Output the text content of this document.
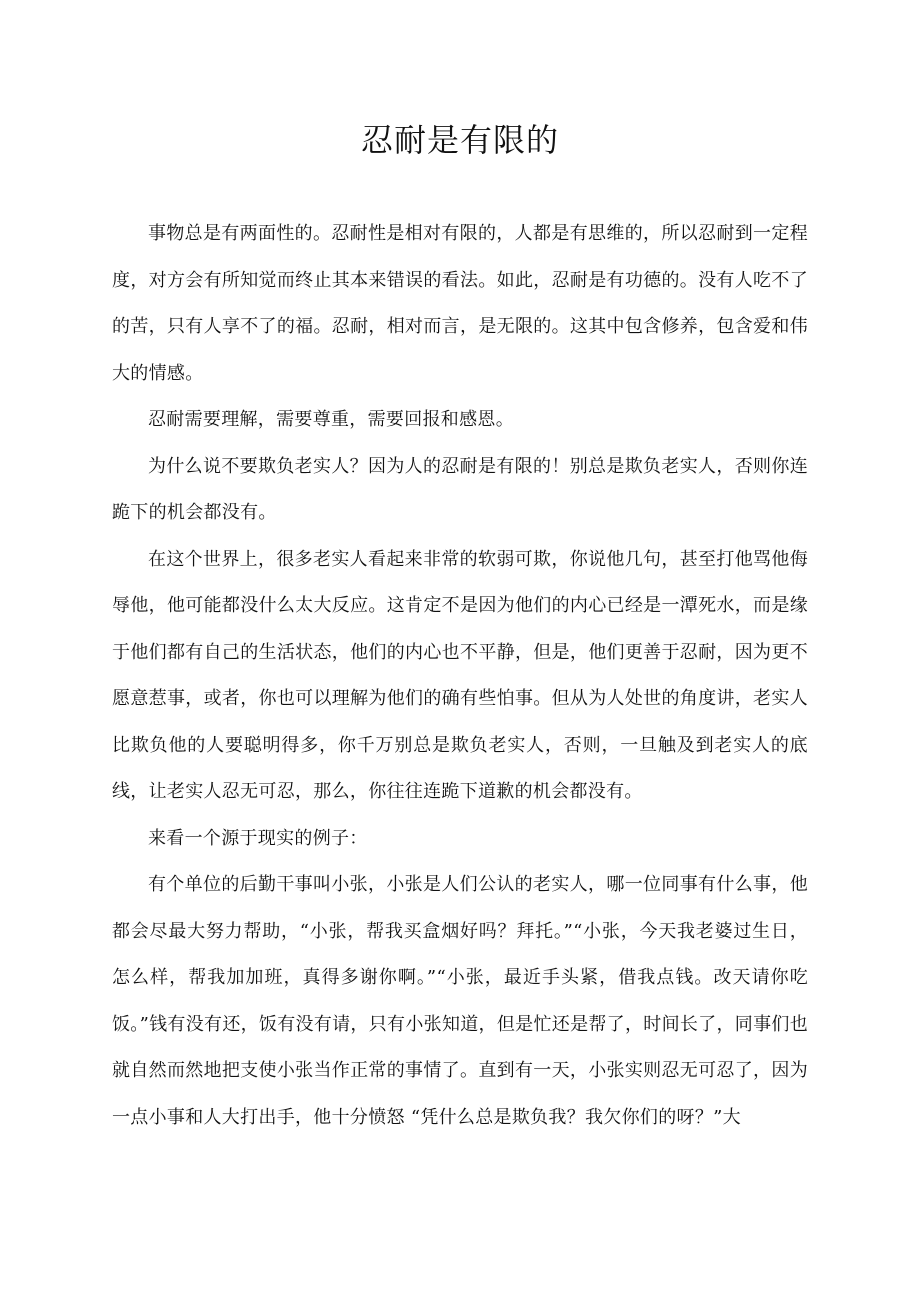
忍耐是有限的

事物总是有两面性的。忍耐性是相对有限的，人都是有思维的，所以忍耐到一定程度，对方会有所知觉而终止其本来错误的看法。如此，忍耐是有功德的。没有人吃不了的苦，只有人享不了的福。忍耐，相对而言，是无限的。这其中包含修养，包含爱和伟大的情感。

忍耐需要理解，需要尊重，需要回报和感恩。

为什么说不要欺负老实人？因为人的忍耐是有限的！别总是欺负老实人，否则你连跪下的机会都没有。

在这个世界上，很多老实人看起来非常的软弱可欺，你说他几句，甚至打他骂他侮辱他，他可能都没什么太大反应。这肯定不是因为他们的内心已经是一潭死水，而是缘于他们都有自己的生活状态，他们的内心也不平静，但是，他们更善于忍耐，因为更不愿意惹事，或者，你也可以理解为他们的确有些怕事。但从为人处世的角度讲，老实人比欺负他的人要聪明得多，你千万别总是欺负老实人，否则，一旦触及到老实人的底线，让老实人忍无可忍，那么，你往往连跪下道歉的机会都没有。

来看一个源于现实的例子：

有个单位的后勤干事叫小张，小张是人们公认的老实人，哪一位同事有什么事，他都会尽最大努力帮助，“小张，帮我买盒烟好吗？拜托。”“小张，今天我老婆过生日，怎么样，帮我加加班，真得多谢你啊。”“小张，最近手头紧，借我点钱。改天请你吃饭。”钱有没有还，饭有没有请，只有小张知道，但是忙还是帮了，时间长了，同事们也就自然而然地把支使小张当作正常的事情了。直到有一天，小张实则忍无可忍了，因为一点小事和人大打出手，他十分愤怒 “凭什么总是欺负我？我欠你们的呀？”大
